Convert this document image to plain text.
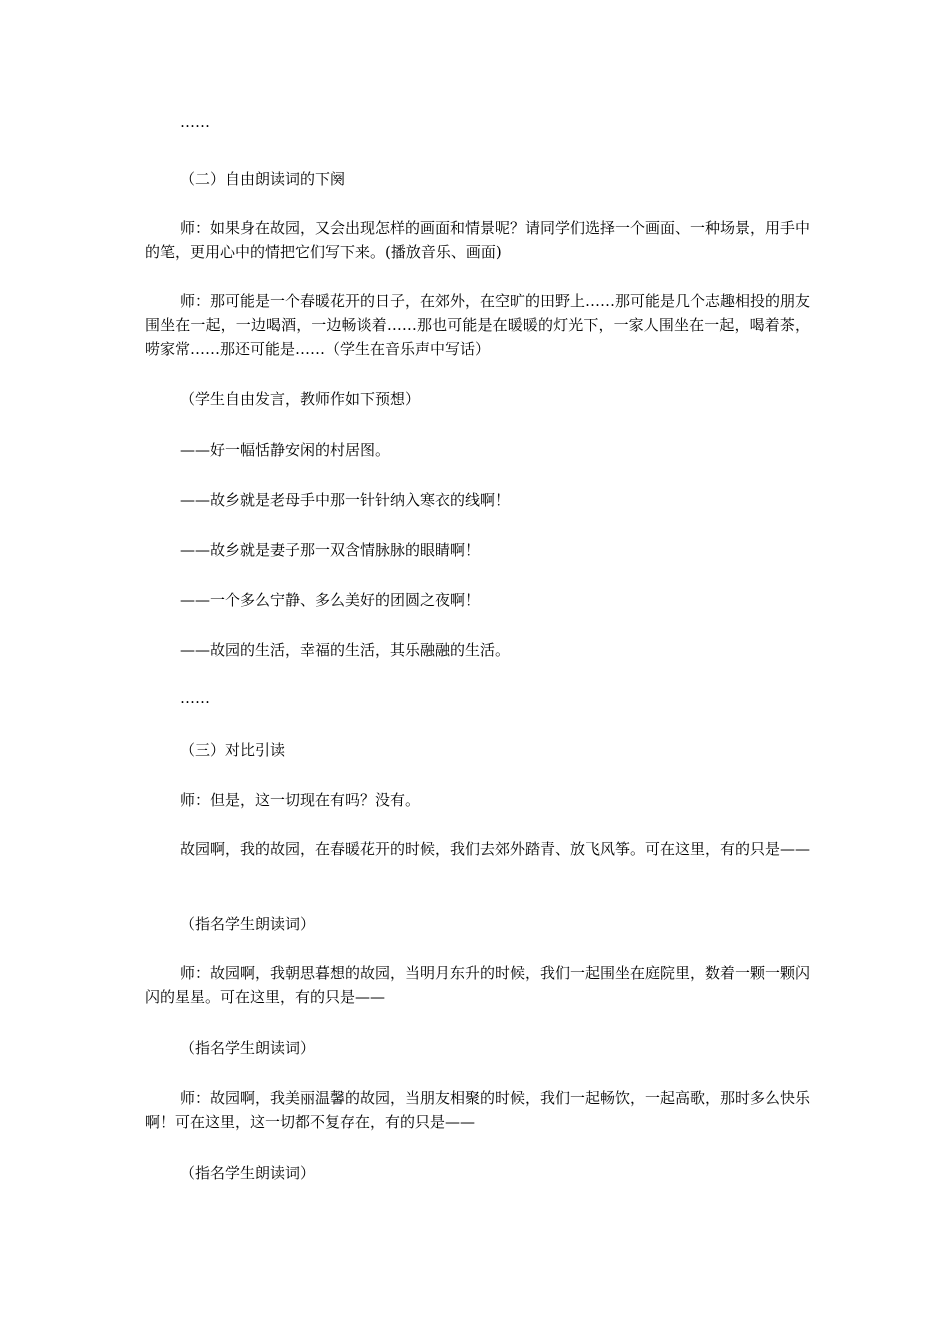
……

（二）自由朗读词的下阕

师：如果身在故园，又会出现怎样的画面和情景呢？请同学们选择一个画面、一种场景，用手中的笔，更用心中的情把它们写下来。(播放音乐、画面)

师：那可能是一个春暖花开的日子，在郊外，在空旷的田野上……那可能是几个志趣相投的朋友围坐在一起，一边喝酒，一边畅谈着……那也可能是在暖暖的灯光下，一家人围坐在一起，喝着茶，唠家常……那还可能是……（学生在音乐声中写话）

（学生自由发言，教师作如下预想）

——好一幅恬静安闲的村居图。

——故乡就是老母手中那一针针纳入寒衣的线啊！

——故乡就是妻子那一双含情脉脉的眼睛啊！

——一个多么宁静、多么美好的团圆之夜啊！

——故园的生活，幸福的生活，其乐融融的生活。

……

（三）对比引读

师：但是，这一切现在有吗？没有。

故园啊，我的故园，在春暖花开的时候，我们去郊外踏青、放飞风筝。可在这里，有的只是——

（指名学生朗读词）

师：故园啊，我朝思暮想的故园，当明月东升的时候，我们一起围坐在庭院里，数着一颗一颗闪闪的星星。可在这里，有的只是——

（指名学生朗读词）

师：故园啊，我美丽温馨的故园，当朋友相聚的时候，我们一起畅饮，一起高歌，那时多么快乐啊！可在这里，这一切都不复存在，有的只是——

（指名学生朗读词）
